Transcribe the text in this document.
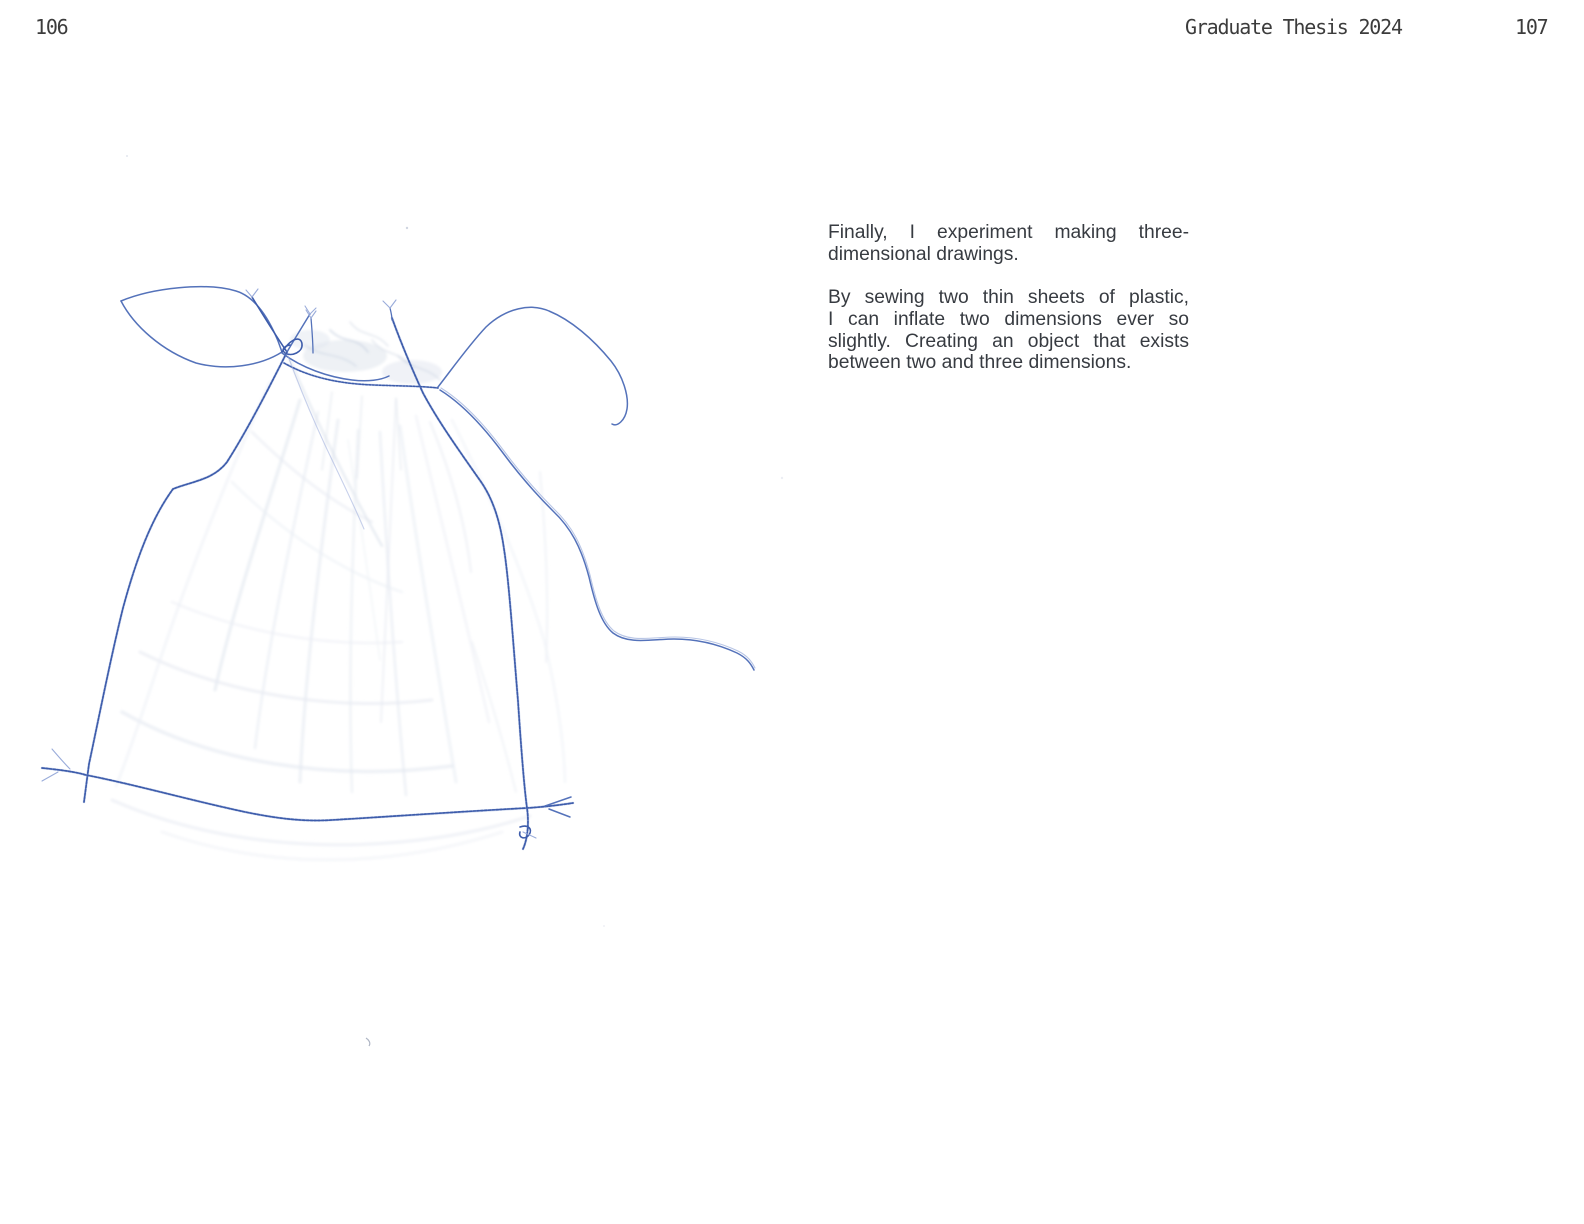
106	Graduate Thesis 2024	107
Finally, I experiment making three-
dimensional drawings.
By sewing two thin sheets of plastic,
I can inflate two dimensions ever so
slightly. Creating an object that exists
between two and three dimensions.
